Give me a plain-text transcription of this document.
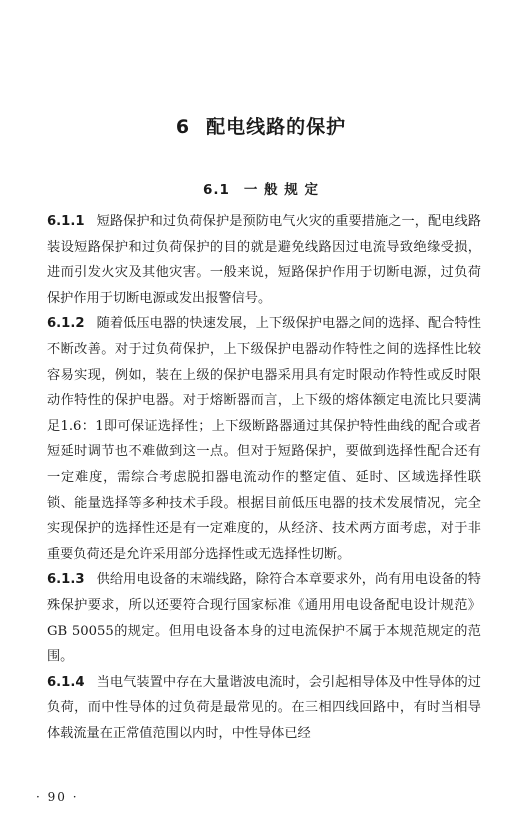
6 配电线路的保护
6.1 一 般 规 定

6.1.1 短路保护和过负荷保护是预防电气火灾的重要措施之一，配电线路装设短路保护和过负荷保护的目的就是避免线路因过电流导致绝缘受损，进而引发火灾及其他灾害。一般来说，短路保护作用于切断电源，过负荷保护作用于切断电源或发出报警信号。

6.1.2 随着低压电器的快速发展，上下级保护电器之间的选择、配合特性不断改善。对于过负荷保护，上下级保护电器动作特性之间的选择性比较容易实现，例如，装在上级的保护电器采用具有定时限动作特性或反时限动作特性的保护电器。对于熔断器而言，上下级的熔体额定电流比只要满足1.6：1即可保证选择性；上下级断路器通过其保护特性曲线的配合或者短延时调节也不难做到这一点。但对于短路保护，要做到选择性配合还有一定难度，需综合考虑脱扣器电流动作的整定值、延时、区域选择性联锁、能量选择等多种技术手段。根据目前低压电器的技术发展情况，完全实现保护的选择性还是有一定难度的，从经济、技术两方面考虑，对于非重要负荷还是允许采用部分选择性或无选择性切断。

6.1.3 供给用电设备的末端线路，除符合本章要求外，尚有用电设备的特殊保护要求，所以还要符合现行国家标准《通用用电设备配电设计规范》GB 50055的规定。但用电设备本身的过电流保护不属于本规范规定的范围。

6.1.4 当电气装置中存在大量谐波电流时，会引起相导体及中性导体的过负荷，而中性导体的过负荷是最常见的。在三相四线回路中，有时当相导体载流量在正常值范围以内时，中性导体已经

· 90 ·
